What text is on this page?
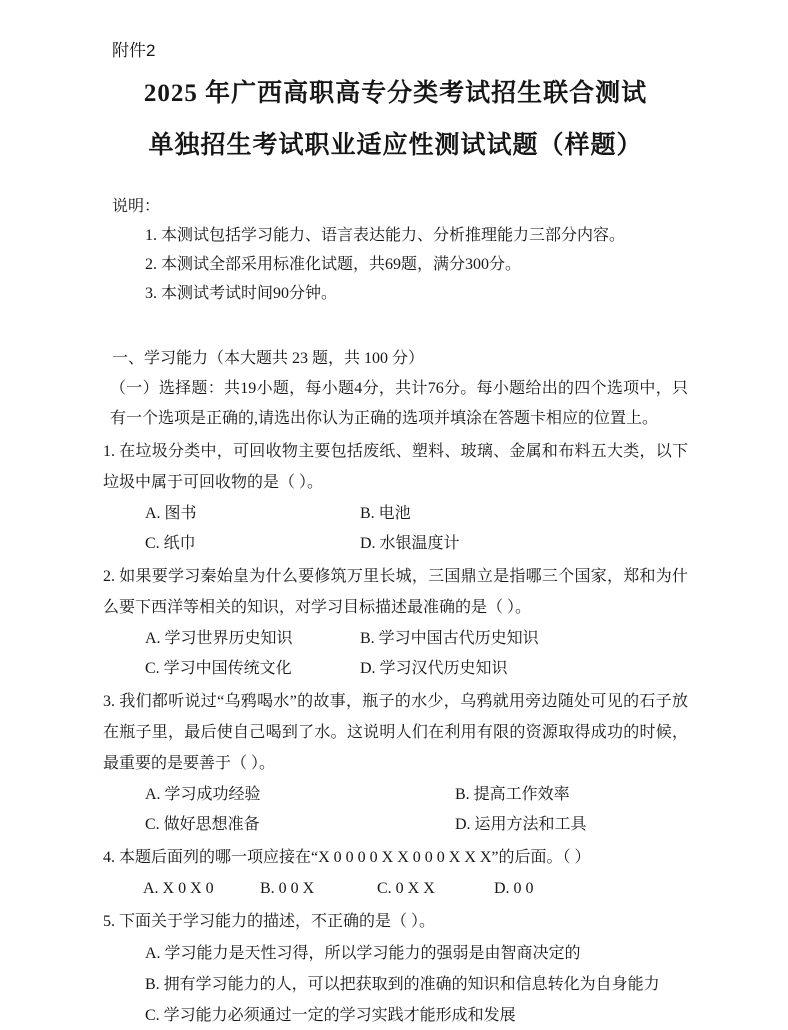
附件2
2025 年广西高职高专分类考试招生联合测试
单独招生考试职业适应性测试试题（样题）

说明：

1. 本测试包括学习能力、语言表达能力、分析推理能力三部分内容。

2. 本测试全部采用标准化试题，共69题，满分300分。

3. 本测试考试时间90分钟。

一、学习能力（本大题共 23 题，共 100 分）

（一）选择题：共19小题，每小题4分，共计76分。每小题给出的四个选项中，只有一个选项是正确的,请选出你认为正确的选项并填涂在答题卡相应的位置上。

1. 在垃圾分类中，可回收物主要包括废纸、塑料、玻璃、金属和布料五大类，以下垃圾中属于可回收物的是（ ）。

A. 图书	B. 电池
C. 纸巾	D. 水银温度计

2. 如果要学习秦始皇为什么要修筑万里长城，三国鼎立是指哪三个国家，郑和为什么要下西洋等相关的知识，对学习目标描述最准确的是（ ）。

A. 学习世界历史知识	B. 学习中国古代历史知识
C. 学习中国传统文化	D. 学习汉代历史知识

3. 我们都听说过“乌鸦喝水”的故事，瓶子的水少，乌鸦就用旁边随处可见的石子放在瓶子里，最后使自己喝到了水。这说明人们在利用有限的资源取得成功的时候，最重要的是要善于（ ）。

A. 学习成功经验	B. 提高工作效率
C. 做好思想准备	D. 运用方法和工具

4. 本题后面列的哪一项应接在“X 0 0 0 0 X X 0 0 0 X X X”的后面。（ ）

A. X 0 X 0	B. 0 0 X	C. 0 X X	D. 0 0

5. 下面关于学习能力的描述，不正确的是（ ）。

A. 学习能力是天性习得，所以学习能力的强弱是由智商决定的
B. 拥有学习能力的人，可以把获取到的准确的知识和信息转化为自身能力
C. 学习能力必须通过一定的学习实践才能形成和发展
